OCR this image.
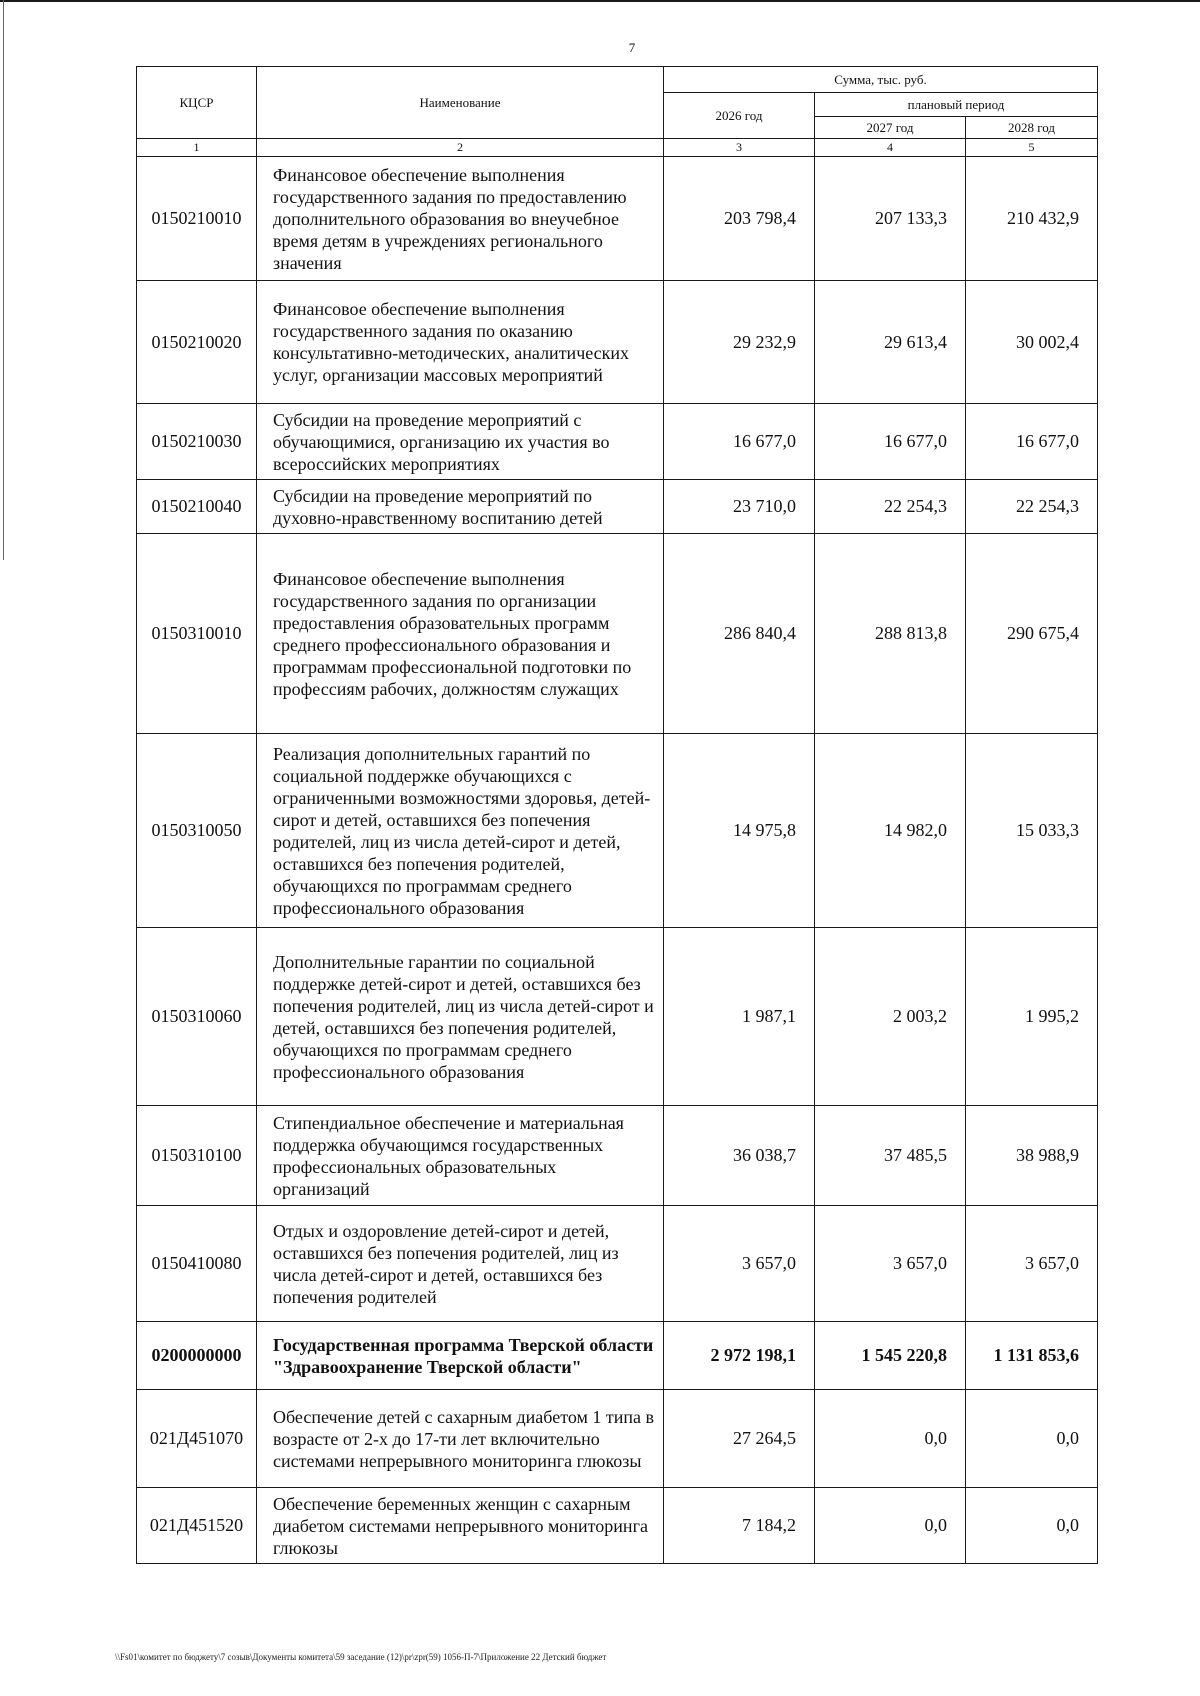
7
КЦСР	Наименование	Сумма, тыс. руб.		
		2026 год	плановый период	
			2027 год	2028 год
1	2	3	4	5
0150210010	Финансовое обеспечение выполнения государственного задания по предоставлению дополнительного образования во внеучебное время детям в учреждениях регионального значения	203 798,4	207 133,3	210 432,9
0150210020	Финансовое обеспечение выполнения государственного задания по оказанию консультативно-методических, аналитических услуг, организации массовых мероприятий	29 232,9	29 613,4	30 002,4
0150210030	Субсидии на проведение мероприятий с обучающимися, организацию их участия во всероссийских мероприятиях	16 677,0	16 677,0	16 677,0
0150210040	Субсидии на проведение мероприятий по духовно-нравственному воспитанию детей	23 710,0	22 254,3	22 254,3
0150310010	Финансовое обеспечение выполнения государственного задания по организации предоставления образовательных программ среднего профессионального образования и программам профессиональной подготовки по профессиям рабочих, должностям служащих	286 840,4	288 813,8	290 675,4
0150310050	Реализация дополнительных гарантий по социальной поддержке обучающихся с ограниченными возможностями здоровья, детей-сирот и детей, оставшихся без попечения родителей, лиц из числа детей-сирот и детей, оставшихся без попечения родителей, обучающихся по программам среднего профессионального образования	14 975,8	14 982,0	15 033,3
0150310060	Дополнительные гарантии по социальной поддержке детей-сирот и детей, оставшихся без попечения родителей, лиц из числа детей-сирот и детей, оставшихся без попечения родителей, обучающихся по программам среднего профессионального образования	1 987,1	2 003,2	1 995,2
0150310100	Стипендиальное обеспечение и материальная поддержка обучающимся государственных профессиональных образовательных организаций	36 038,7	37 485,5	38 988,9
0150410080	Отдых и оздоровление детей-сирот и детей, оставшихся без попечения родителей, лиц из числа детей-сирот и детей, оставшихся без попечения родителей	3 657,0	3 657,0	3 657,0
0200000000	Государственная программа Тверской области "Здравоохранение Тверской области"	2 972 198,1	1 545 220,8	1 131 853,6
021Д451070	Обеспечение детей с сахарным диабетом 1 типа в возрасте от 2-х до 17-ти лет включительно системами непрерывного мониторинга глюкозы	27 264,5	0,0	0,0
021Д451520	Обеспечение беременных женщин с сахарным диабетом системами непрерывного мониторинга глюкозы	7 184,2	0,0	0,0
\\Fs01\комитет по бюджету\7 созыв\Документы комитета\59 заседание (12)\pr\zpr(59) 1056-П-7\Приложение 22 Детский бюджет
